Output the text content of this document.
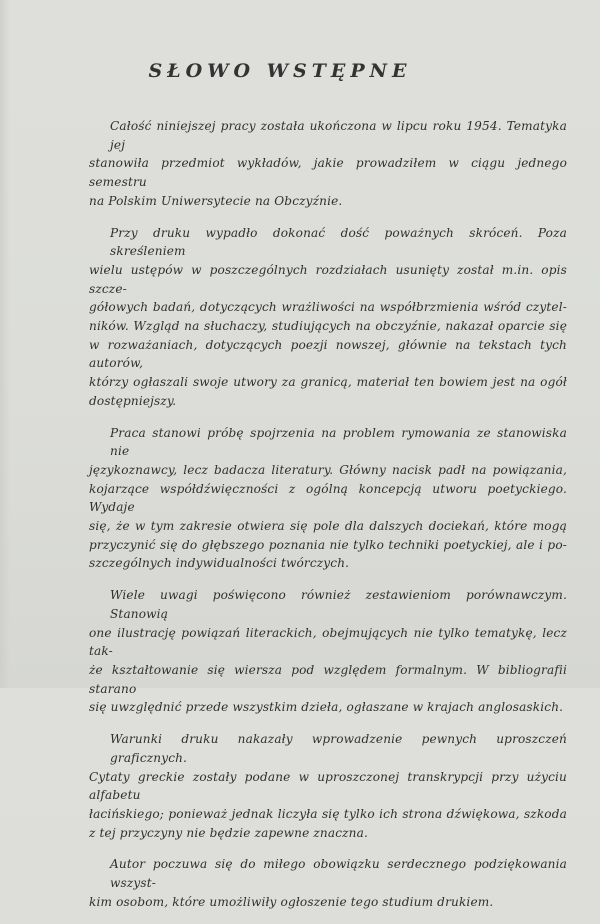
SŁOWO WSTĘPNE

Całość niniejszej pracy została ukończona w lipcu roku 1954. Tematyka jej
stanowiła przedmiot wykładów, jakie prowadziłem w ciągu jednego semestru
na Polskim Uniwersytecie na Obczyźnie.

Przy druku wypadło dokonać dość poważnych skróceń. Poza skreśleniem
wielu ustępów w poszczególnych rozdziałach usunięty został m.in. opis szcze-
gółowych badań, dotyczących wrażliwości na współbrzmienia wśród czytel-
ników. Wzgląd na słuchaczy, studiujących na obczyźnie, nakazał oparcie się
w rozważaniach, dotyczących poezji nowszej, głównie na tekstach tych autorów,
którzy ogłaszali swoje utwory za granicą, materiał ten bowiem jest na ogół
dostępniejszy.

Praca stanowi próbę spojrzenia na problem rymowania ze stanowiska nie
językoznawcy, lecz badacza literatury. Główny nacisk padł na powiązania,
kojarzące współdźwięczności z ogólną koncepcją utworu poetyckiego. Wydaje
się, że w tym zakresie otwiera się pole dla dalszych dociekań, które mogą
przyczynić się do głębszego poznania nie tylko techniki poetyckiej, ale i po-
szczególnych indywidualności twórczych.

Wiele uwagi poświęcono również zestawieniom porównawczym. Stanowią
one ilustrację powiązań literackich, obejmujących nie tylko tematykę, lecz tak-
że kształtowanie się wiersza pod względem formalnym. W bibliografii starano
się uwzględnić przede wszystkim dzieła, ogłaszane w krajach anglosaskich.

Warunki druku nakazały wprowadzenie pewnych uproszczeń graficznych.
Cytaty greckie zostały podane w uproszczonej transkrypcji przy użyciu alfabetu
łacińskiego; ponieważ jednak liczyła się tylko ich strona dźwiękowa, szkoda
z tej przyczyny nie będzie zapewne znaczna.

Autor poczuwa się do miłego obowiązku serdecznego podziękowania wszyst-
kim osobom, które umożliwiły ogłoszenie tego studium drukiem.
